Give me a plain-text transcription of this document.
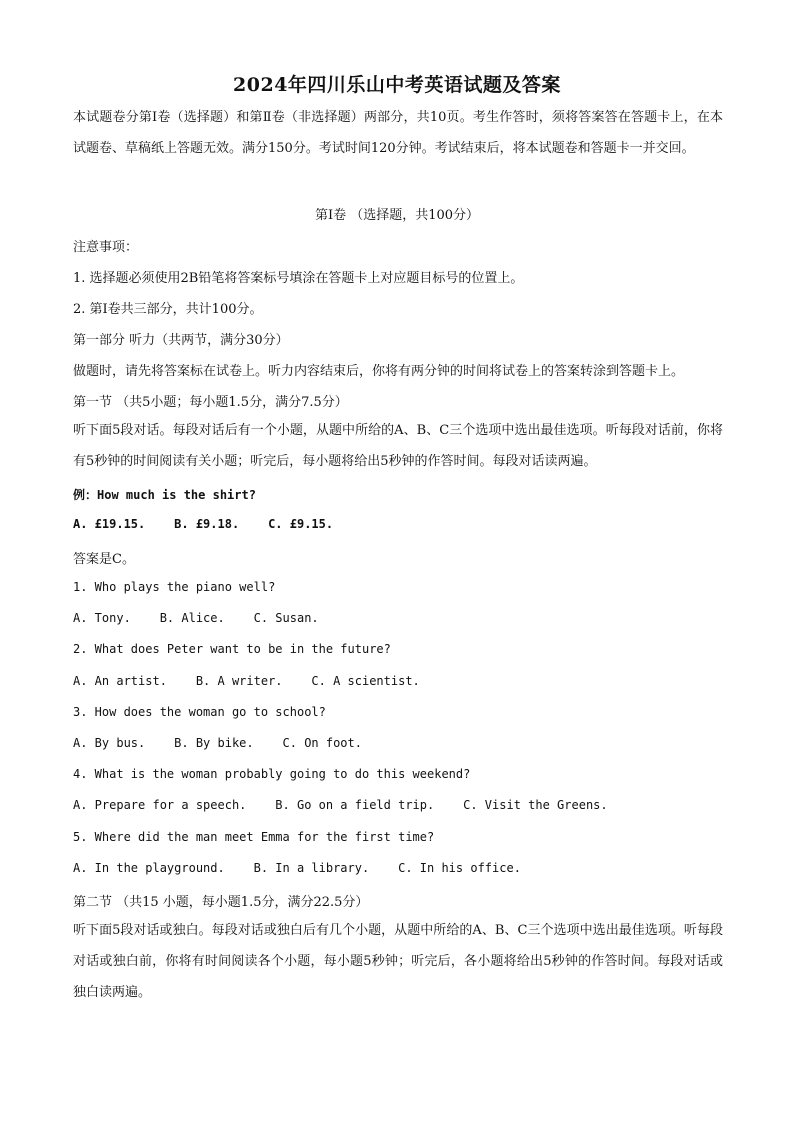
2024年四川乐山中考英语试题及答案
本试题卷分第Ⅰ卷（选择题）和第Ⅱ卷（非选择题）两部分，共10页。考生作答时，须将答案答在答题卡上，在本试题卷、草稿纸上答题无效。满分150分。考试时间120分钟。考试结束后，将本试题卷和答题卡一并交回。
第Ⅰ卷 （选择题，共100分）
注意事项：
1. 选择题必须使用2B铅笔将答案标号填涂在答题卡上对应题目标号的位置上。
2. 第Ⅰ卷共三部分，共计100分。
第一部分 听力（共两节，满分30分）
做题时，请先将答案标在试卷上。听力内容结束后，你将有两分钟的时间将试卷上的答案转涂到答题卡上。
第一节 （共5小题；每小题1.5分，满分7.5分）
听下面5段对话。每段对话后有一个小题，从题中所给的A、B、C三个选项中选出最佳选项。听每段对话前，你将有5秒钟的时间阅读有关小题；听完后，每小题将给出5秒钟的作答时间。每段对话读两遍。
例：How much is the shirt?
A. £19.15.    B. £9.18.    C. £9.15.
答案是C。
1. Who plays the piano well?
A. Tony.    B. Alice.    C. Susan.
2. What does Peter want to be in the future?
A. An artist.    B. A writer.    C. A scientist.
3. How does the woman go to school?
A. By bus.    B. By bike.    C. On foot.
4. What is the woman probably going to do this weekend?
A. Prepare for a speech.    B. Go on a field trip.    C. Visit the Greens.
5. Where did the man meet Emma for the first time?
A. In the playground.    B. In a library.    C. In his office.
第二节 （共15 小题，每小题1.5分，满分22.5分）
听下面5段对话或独白。每段对话或独白后有几个小题，从题中所给的A、B、C三个选项中选出最佳选项。听每段对话或独白前，你将有时间阅读各个小题，每小题5秒钟；听完后，各小题将给出5秒钟的作答时间。每段对话或独白读两遍。
